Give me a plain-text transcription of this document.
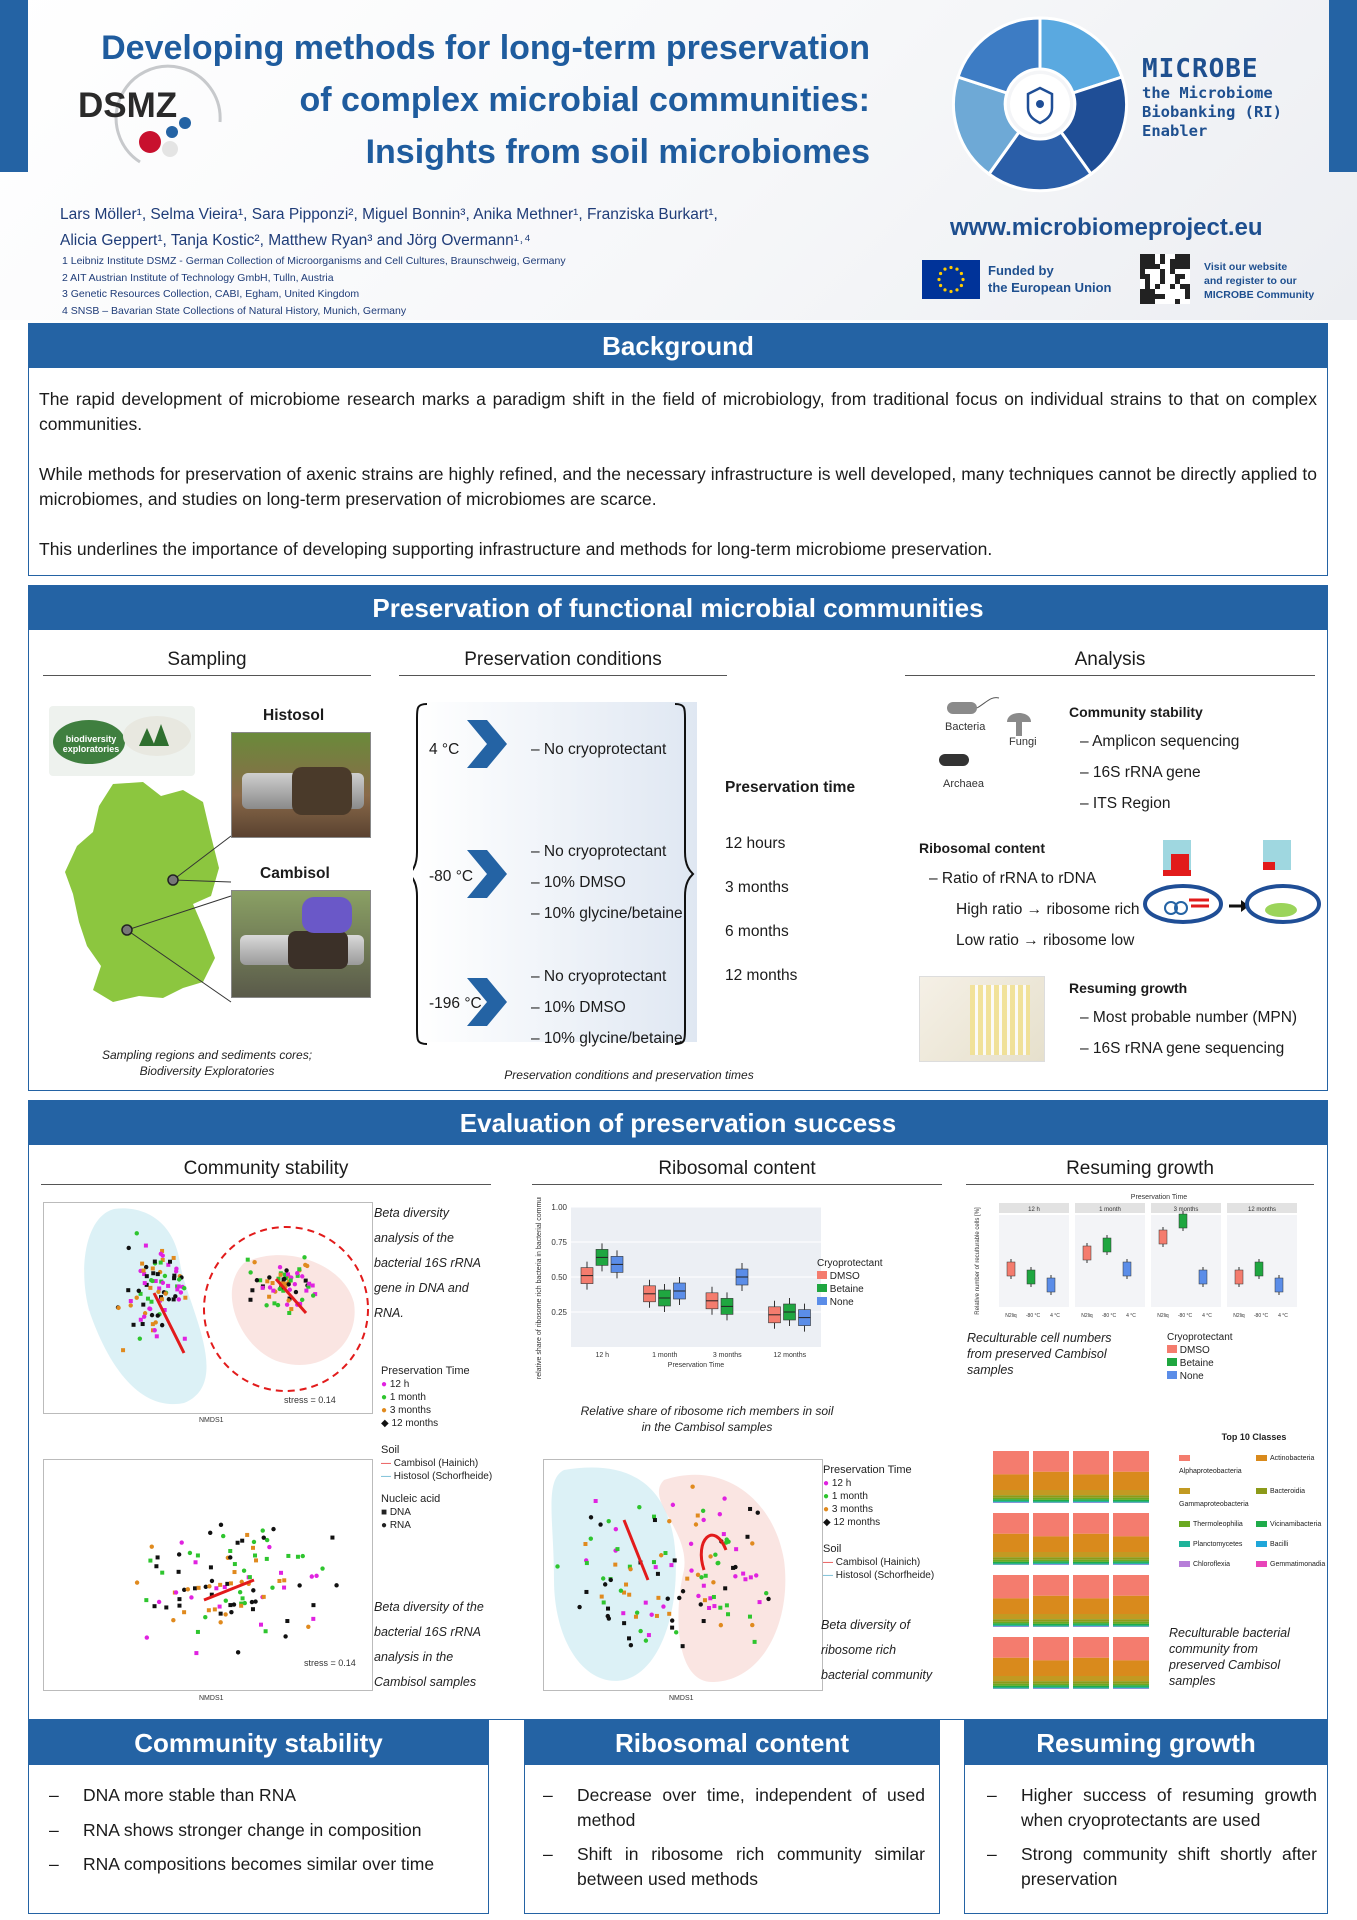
DSMZ
Developing methods for long-term preservation
of complex microbial communities:
Insights from soil microbiomes
Lars Möller¹, Selma Vieira¹, Sara Pipponzi², Miguel Bonnin³, Anika Methner¹, Franziska Burkart¹,
Alicia Geppert¹, Tanja Kostic², Matthew Ryan³ and Jörg Overmann¹˒⁴
1 Leibniz Institute DSMZ - German Collection of Microorganisms and Cell Cultures, Braunschweig, Germany
2 AIT Austrian Institute of Technology GmbH, Tulln, Austria
3 Genetic Resources Collection, CABI, Egham, United Kingdom
4 SNSB – Bavarian State Collections of Natural History, Munich, Germany
MICROBE
the Microbiome
Biobanking (RI)
Enabler
www.microbiomeproject.eu
Funded by
the European Union
Visit our website
and register to our
MICROBE Community
Background
The rapid development of microbiome research marks a paradigm shift in the field of microbiology, from traditional focus on individual strains to that on complex communities.
While methods for preservation of axenic strains are highly refined, and the necessary infrastructure is well developed, many techniques cannot be directly applied to microbiomes, and studies on long-term preservation of microbiomes are scarce.
This underlines the importance of developing supporting infrastructure and methods for long-term microbiome preservation.
Preservation of functional microbial communities
Sampling
biodiversity exploratories
Histosol
Cambisol
Sampling regions and sediments cores;
Biodiversity Exploratories
Preservation conditions
4 °C
-80 °C
-196 °C
– No cryoprotectant
– No cryoprotectant
– 10% DMSO
– 10% glycine/betaine
– No cryoprotectant
– 10% DMSO
– 10% glycine/betaine
Preservation time
12 hours
3 months
6 months
12 months
Preservation conditions and preservation times
Analysis
Bacteria
Fungi
Archaea
Community stability
– Amplicon sequencing
– 16S rRNA gene
– ITS Region
Ribosomal content
– Ratio of rRNA to rDNA
High ratio → ribosome rich
Low ratio → ribosome low
Resuming growth
– Most probable number (MPN)
– 16S rRNA gene sequencing
Evaluation of preservation success
Community stability	Ribosomal content	Resuming growth
stress = 0.14
NMDS1
Beta diversity
analysis of the
bacterial 16S rRNA
gene in DNA and
RNA.
Preservation Time
● 12 h
● 1 month
● 3 months
◆ 12 months
Soil
— Cambisol (Hainich)
— Histosol (Schorfheide)
Nucleic acid
■ DNA
● RNA
stress = 0.14
NMDS1
Beta diversity of the
bacterial 16S rRNA
analysis in the
Cambisol samples
0.25
0.50
0.75
1.00
12 h	1 month	3 months	12 months
Preservation Time
relative share of ribosome rich bacteria in bacterial community [%]	Cryoprotectant
DMSO
Betaine
None
Relative share of ribosome rich members in soil
in the Cambisol samples
NMDS1
Preservation Time
● 12 h
● 1 month
● 3 months
◆ 12 months
Soil
— Cambisol (Hainich)
— Histosol (Schorfheide)
Beta diversity of
ribosome rich
bacterial community
Preservation Time
12 h
N2liq -80 °C 4 °C
1 month
N2liq -80 °C 4 °C
3 months
N2liq -80 °C 4 °C
12 months
N2liq -80 °C 4 °C
Relative number of reculturable cells [%]
Reculturable cell numbers
from preserved Cambisol
samples
Cryoprotectant
DMSO
Betaine
None
Top 10 Classes
Alphaproteobacteria
Actinobacteria
Gammaproteobacteria
Bacteroidia
Thermoleophilia	Vicinamibacteria
Planctomycetes	Bacilli
Chloroflexia	Gemmatimonadia
Reculturable bacterial
community from
preserved Cambisol
samples
Community stability
– DNA more stable than RNA
– RNA shows stronger change in composition
– RNA compositions becomes similar over time
Ribosomal content
– Decrease over time, independent of used method
– Shift in ribosome rich community similar between used methods
Resuming growth
– Higher success of resuming growth when cryoprotectants are used
– Strong community shift shortly after preservation
